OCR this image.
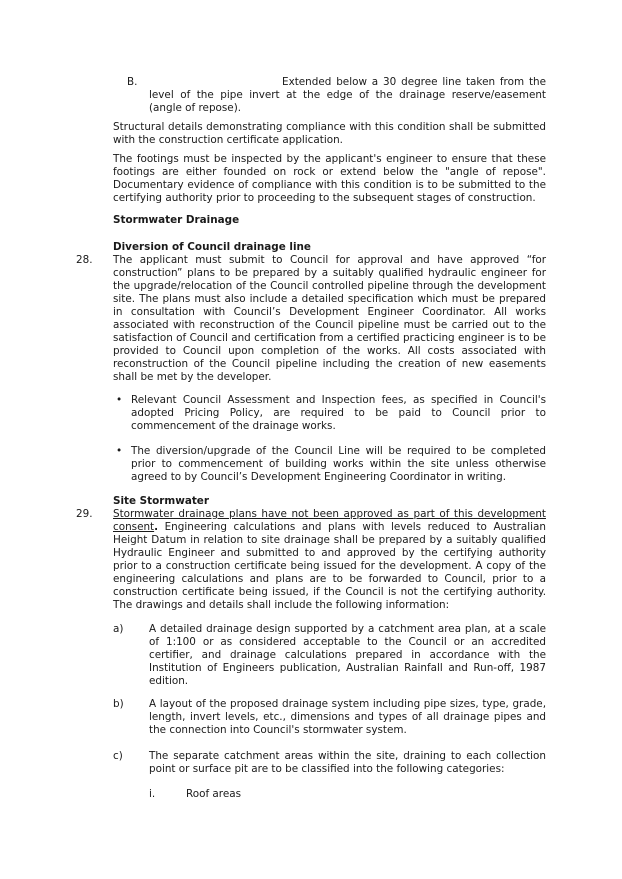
B.	Extended below a 30 degree line taken from the level of the pipe invert at the edge of the drainage reserve/easement (angle of repose).

Structural details demonstrating compliance with this condition shall be submitted with the construction certificate application.

The footings must be inspected by the applicant's engineer to ensure that these footings are either founded on rock or extend below the "angle of repose". Documentary evidence of compliance with this condition is to be submitted to the certifying authority prior to proceeding to the subsequent stages of construction.

Stormwater Drainage

Diversion of Council drainage line

28. The applicant must submit to Council for approval and have approved “for construction” plans to be prepared by a suitably qualified hydraulic engineer for the upgrade/relocation of the Council controlled pipeline through the development site. The plans must also include a detailed specification which must be prepared in consultation with Council’s Development Engineer Coordinator. All works associated with reconstruction of the Council pipeline must be carried out to the satisfaction of Council and certification from a certified practicing engineer is to be provided to Council upon completion of the works. All costs associated with reconstruction of the Council pipeline including the creation of new easements shall be met by the developer.

• Relevant Council Assessment and Inspection fees, as specified in Council's adopted Pricing Policy, are required to be paid to Council prior to commencement of the drainage works.

• The diversion/upgrade of the Council Line will be required to be completed prior to commencement of building works within the site unless otherwise agreed to by Council’s Development Engineering Coordinator in writing.

Site Stormwater

29. Stormwater drainage plans have not been approved as part of this development consent. Engineering calculations and plans with levels reduced to Australian Height Datum in relation to site drainage shall be prepared by a suitably qualified Hydraulic Engineer and submitted to and approved by the certifying authority prior to a construction certificate being issued for the development. A copy of the engineering calculations and plans are to be forwarded to Council, prior to a construction certificate being issued, if the Council is not the certifying authority. The drawings and details shall include the following information:

a) A detailed drainage design supported by a catchment area plan, at a scale of 1:100 or as considered acceptable to the Council or an accredited certifier, and drainage calculations prepared in accordance with the Institution of Engineers publication, Australian Rainfall and Run-off, 1987 edition.

b) A layout of the proposed drainage system including pipe sizes, type, grade, length, invert levels, etc., dimensions and types of all drainage pipes and the connection into Council's stormwater system.

c)	The separate catchment areas within the site, draining to each collection point or surface pit are to be classified into the following categories:

i.	Roof areas
